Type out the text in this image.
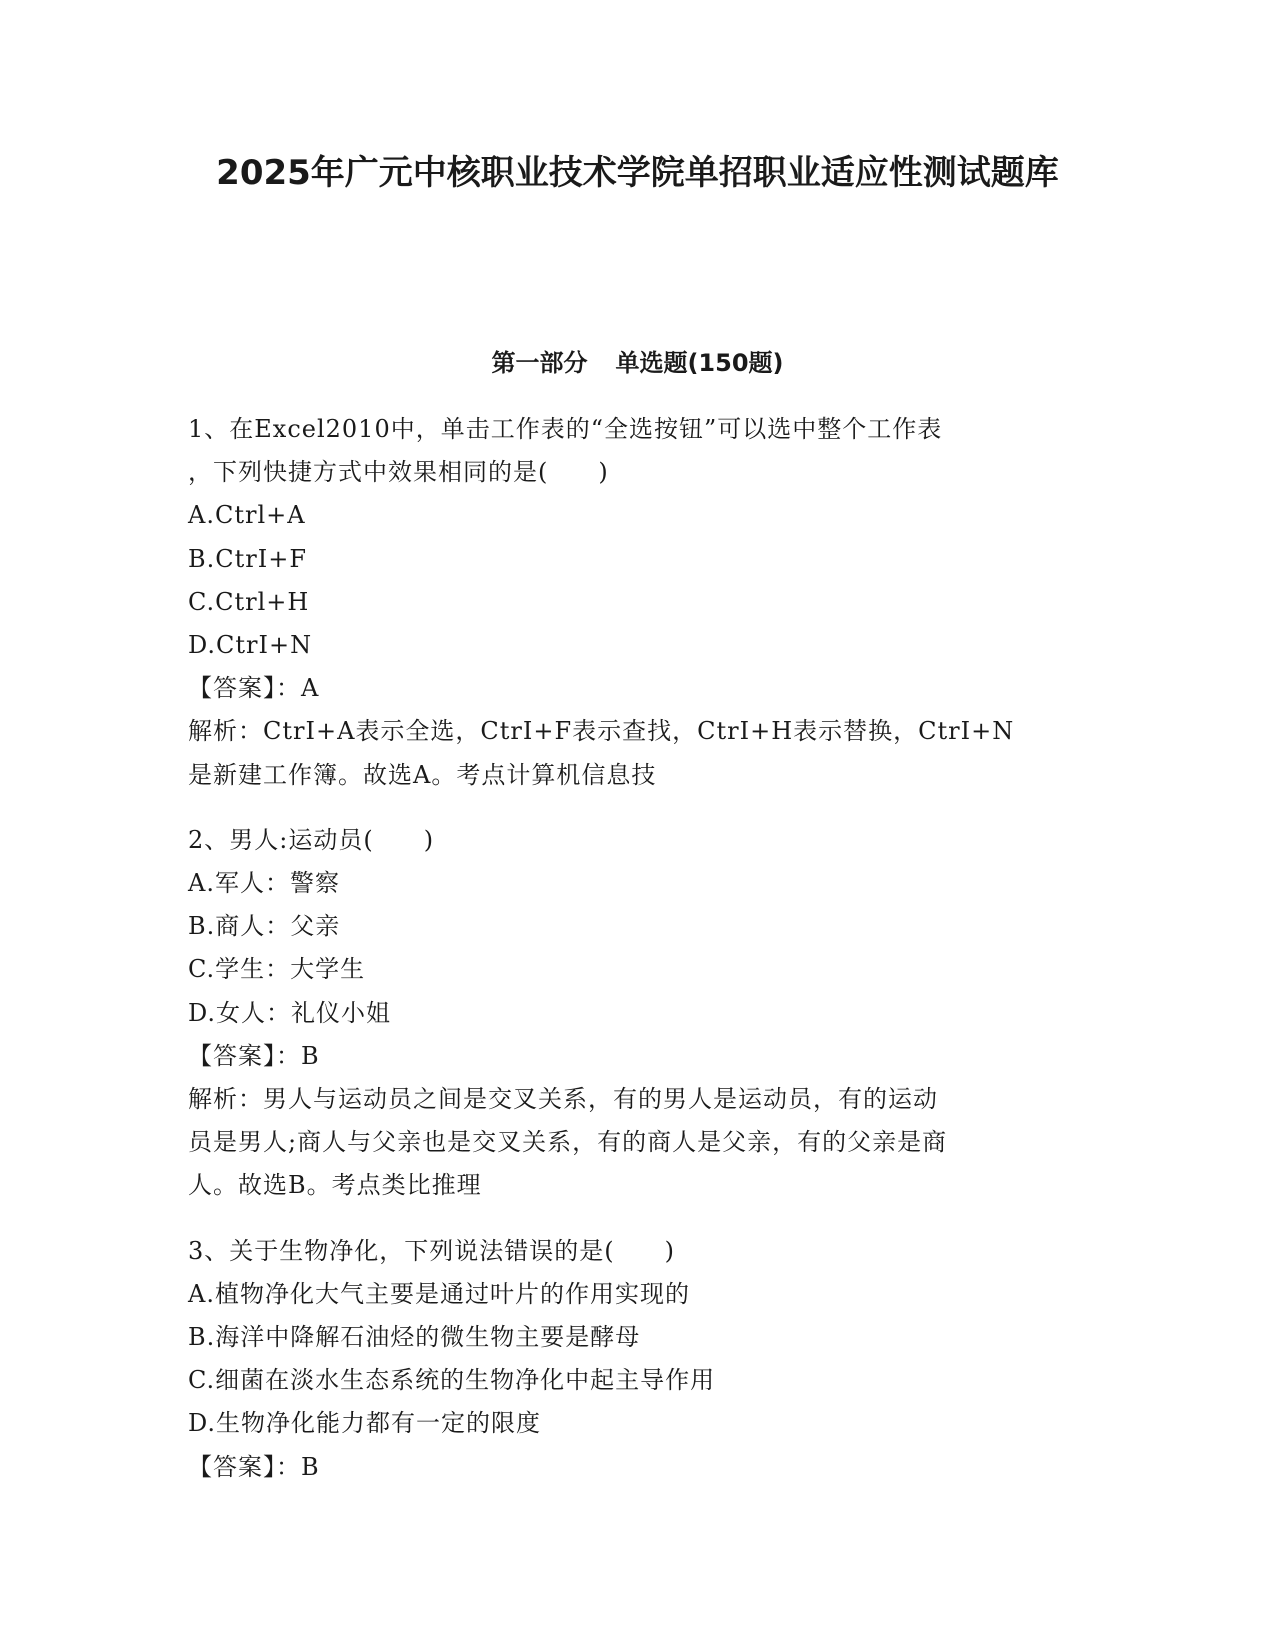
2025年广元中核职业技术学院单招职业适应性测试题库
第一部分 单选题(150题)
1、在Excel2010中，单击工作表的“全选按钮”可以选中整个工作表
，下列快捷方式中效果相同的是(　　)
A.Ctrl+A
B.CtrI+F
C.Ctrl+H
D.CtrI+N
【答案】：A
解析：CtrI+A表示全选，CtrI+F表示查找，CtrI+H表示替换，CtrI+N
是新建工作簿。故选A。考点计算机信息技
2、男人:运动员(　　)
A.军人：警察
B.商人：父亲
C.学生：大学生
D.女人：礼仪小姐
【答案】：B
解析：男人与运动员之间是交叉关系，有的男人是运动员，有的运动
员是男人;商人与父亲也是交叉关系，有的商人是父亲，有的父亲是商
人。故选B。考点类比推理
3、关于生物净化，下列说法错误的是(　　)
A.植物净化大气主要是通过叶片的作用实现的
B.海洋中降解石油烃的微生物主要是酵母
C.细菌在淡水生态系统的生物净化中起主导作用
D.生物净化能力都有一定的限度
【答案】：B
